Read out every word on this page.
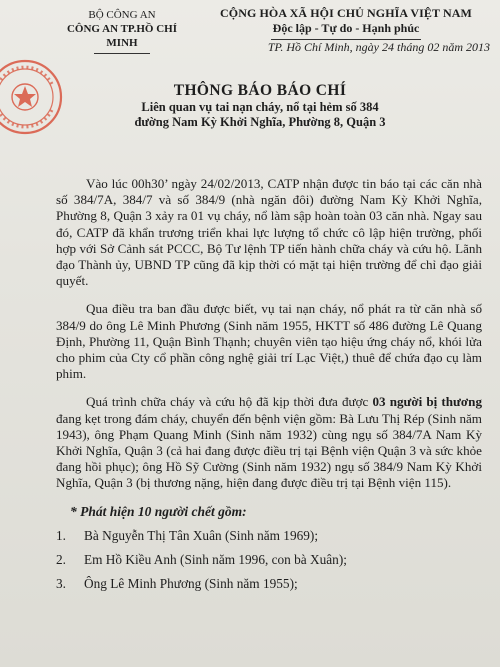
BỘ CÔNG AN
CÔNG AN TP.HỒ CHÍ MINH
CỘNG HÒA XÃ HỘI CHỦ NGHĨA VIỆT NAM
Độc lập - Tự do - Hạnh phúc
TP. Hồ Chí Minh, ngày 24 tháng 02 năm 2013
THÔNG BÁO BÁO CHÍ
Liên quan vụ tai nạn cháy, nổ tại hẻm số 384
đường Nam Kỳ Khởi Nghĩa, Phường 8, Quận 3

Vào lúc 00h30’ ngày 24/02/2013, CATP nhận được tin báo tại các căn nhà số 384/7A, 384/7 và số 384/9 (nhà ngăn đôi) đường Nam Kỳ Khởi Nghĩa, Phường 8, Quận 3 xảy ra 01 vụ cháy, nổ làm sập hoàn toàn 03 căn nhà. Ngay sau đó, CATP đã khẩn trương triển khai lực lượng tổ chức cô lập hiện trường, phối hợp với Sở Cảnh sát PCCC, Bộ Tư lệnh TP tiến hành chữa cháy và cứu hộ. Lãnh đạo Thành ủy, UBND TP cũng đã kịp thời có mặt tại hiện trường để chỉ đạo giải quyết.

Qua điều tra ban đầu được biết, vụ tai nạn cháy, nổ phát ra từ căn nhà số 384/9 do ông Lê Minh Phương (Sinh năm 1955, HKTT số 486 đường Lê Quang Định, Phường 11, Quận Bình Thạnh; chuyên viên tạo hiệu ứng cháy nổ, khói lửa cho phim của Cty cổ phần công nghệ giải trí Lạc Việt,) thuê để chứa đạo cụ làm phim.

Quá trình chữa cháy và cứu hộ đã kịp thời đưa được 03 người bị thương đang kẹt trong đám cháy, chuyển đến bệnh viện gồm: Bà Lưu Thị Rép (Sinh năm 1943), ông Phạm Quang Minh (Sinh năm 1932) cùng ngụ số 384/7A Nam Kỳ Khởi Nghĩa, Quận 3 (cả hai đang được điều trị tại Bệnh viện Quận 3 và sức khỏe đang hồi phục); ông Hồ Sỹ Cường (Sinh năm 1932) ngụ số 384/9 Nam Kỳ Khởi Nghĩa, Quận 3 (bị thương nặng, hiện đang được điều trị tại Bệnh viện 115).

* Phát hiện 10 người chết gồm:
1.	Bà Nguyễn Thị Tân Xuân (Sinh năm 1969);
2.	Em Hồ Kiều Anh (Sinh năm 1996, con bà Xuân);
3.	Ông Lê Minh Phương (Sinh năm 1955);
